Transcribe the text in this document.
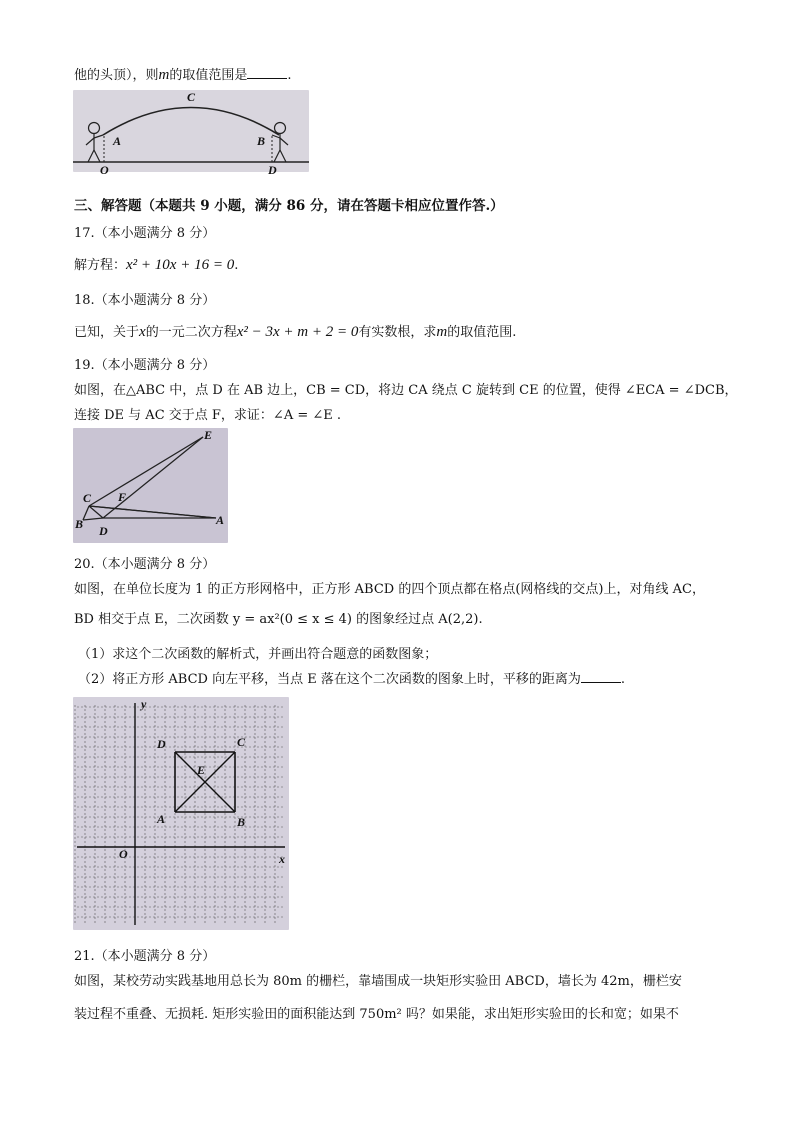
他的头顶），则m的取值范围是	.
C
A	B
O	D
三、解答题（本题共 9 小题，满分 86 分，请在答题卡相应位置作答.）
17.（本小题满分 8 分）
解方程：x² + 10x + 16 = 0.
18.（本小题满分 8 分）
已知，关于x的一元二次方程x² − 3x + m + 2 = 0有实数根，求m的取值范围.
19.（本小题满分 8 分）
如图，在△ABC 中，点 D 在 AB 边上，CB = CD，将边 CA 绕点 C 旋转到 CE 的位置，使得 ∠ECA = ∠DCB，
连接 DE 与 AC 交于点 F，求证：∠A = ∠E .
E
C F
B D
A
20.（本小题满分 8 分）
如图，在单位长度为 1 的正方形网格中，正方形 ABCD 的四个顶点都在格点(网格线的交点)上，对角线 AC，
BD 相交于点 E，二次函数 y = ax²(0 ≤ x ≤ 4) 的图象经过点 A(2,2).
（1）求这个二次函数的解析式，并画出符合题意的函数图象；
（2）将正方形 ABCD 向左平移，当点 E 落在这个二次函数的图象上时，平移的距离为	.
y
x
O
A	B
C
D
E
21.（本小题满分 8 分）
如图，某校劳动实践基地用总长为 80m 的栅栏，靠墙围成一块矩形实验田 ABCD，墙长为 42m，栅栏安
装过程不重叠、无损耗. 矩形实验田的面积能达到 750m² 吗？如果能，求出矩形实验田的长和宽；如果不
